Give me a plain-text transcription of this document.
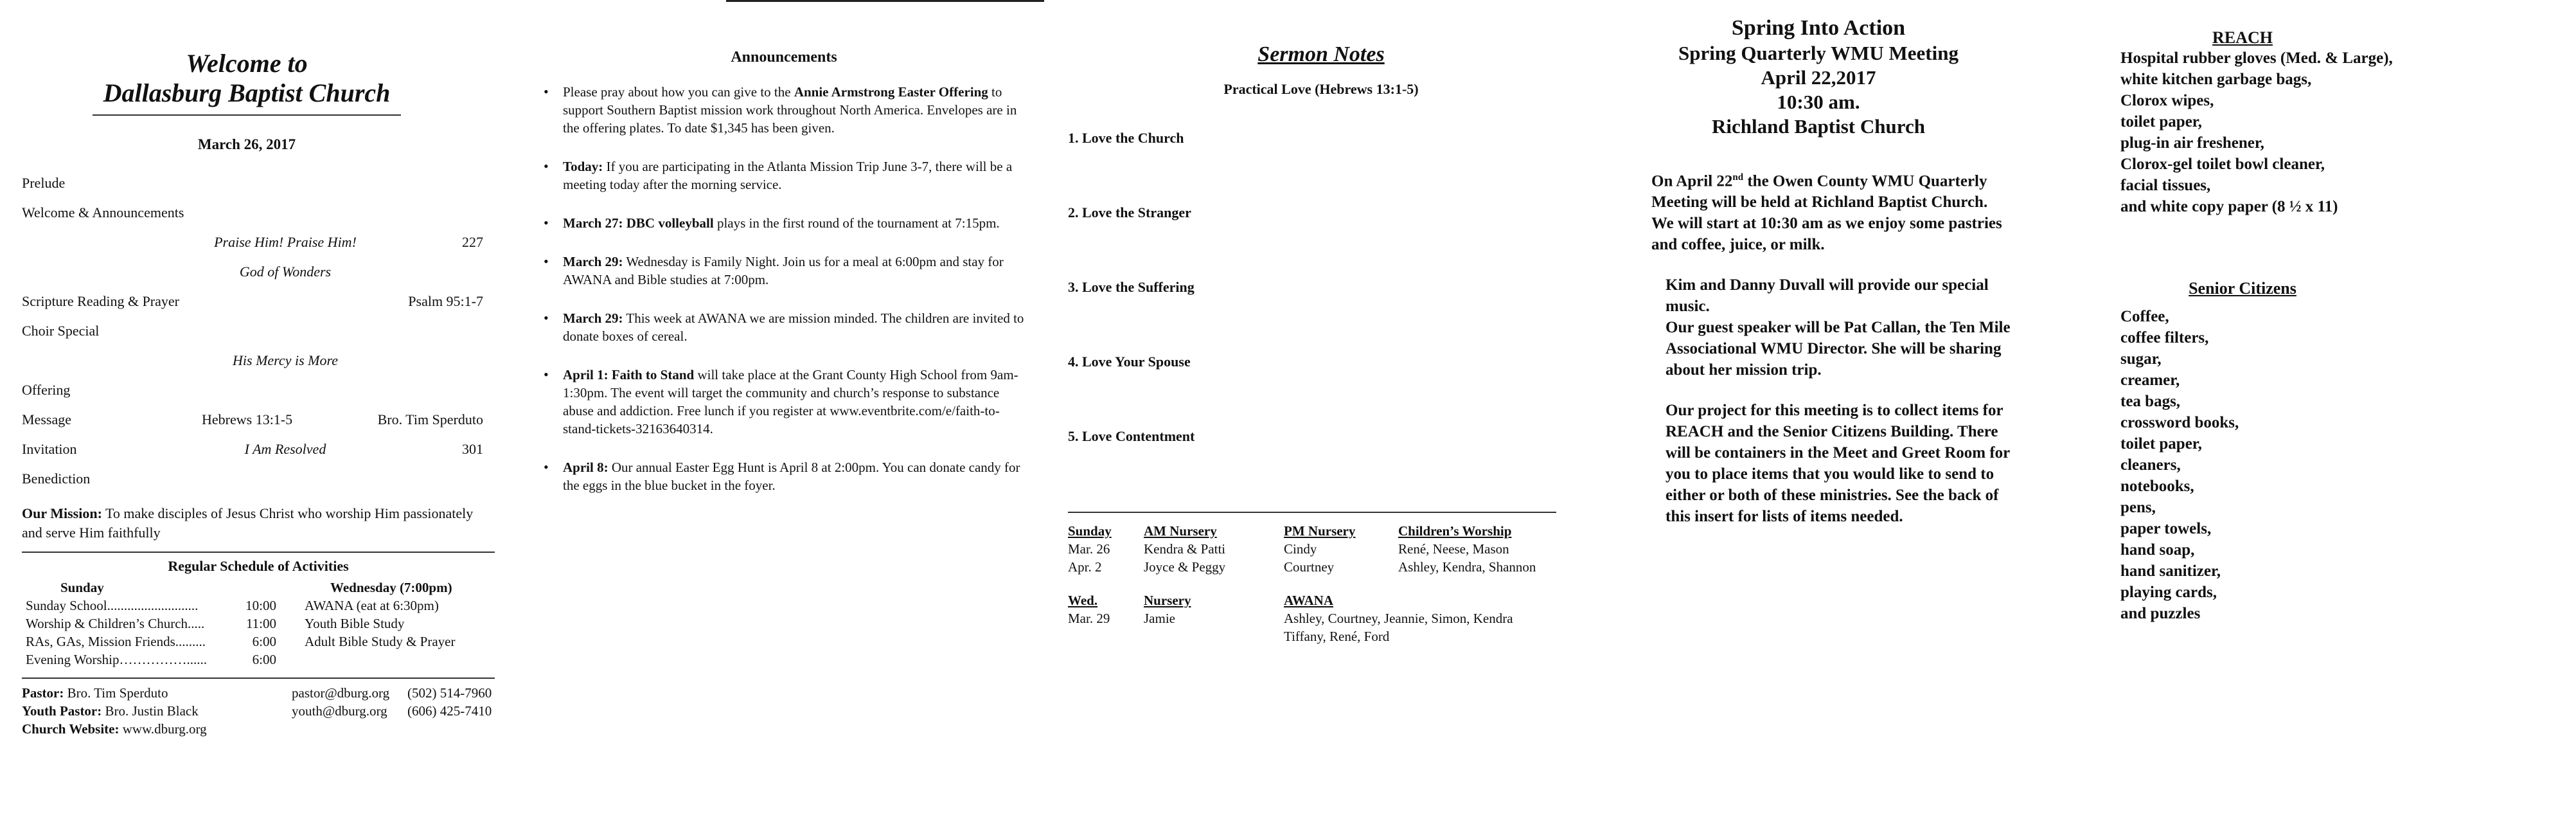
Welcome to
Dallasburg Baptist Church
March 26, 2017
Prelude
Welcome & Announcements
Praise Him! Praise Him!	227
God of Wonders
Scripture Reading & Prayer	Psalm 95:1-7
Choir Special
His Mercy is More
Offering
Message	Hebrews 13:1-5	Bro. Tim Sperduto
Invitation	I Am Resolved	301
Benediction
Our Mission: To make disciples of Jesus Christ who worship Him passionately and serve Him faithfully
Regular Schedule of Activities
Sunday
Sunday School...........................	10:00
Worship & Children’s Church.....	11:00
RAs, GAs, Mission Friends.........	6:00
Evening Worship……………......	6:00
Wednesday (7:00pm)
AWANA (eat at 6:30pm)
Youth Bible Study
Adult Bible Study & Prayer
Pastor: Bro. Tim Sperduto	pastor@dburg.org	(502) 514-7960
Youth Pastor: Bro. Justin Black	youth@dburg.org	(606) 425-7410
Church Website: www.dburg.org
Announcements
• Please pray about how you can give to the Annie Armstrong Easter Offering to support Southern Baptist mission work throughout North America. Envelopes are in the offering plates. To date $1,345 has been given.
• Today: If you are participating in the Atlanta Mission Trip June 3-7, there will be a meeting today after the morning service.
• March 27: DBC volleyball plays in the first round of the tournament at 7:15pm.
• March 29: Wednesday is Family Night. Join us for a meal at 6:00pm and stay for AWANA and Bible studies at 7:00pm.
• March 29: This week at AWANA we are mission minded. The children are invited to donate boxes of cereal.
• April 1: Faith to Stand will take place at the Grant County High School from 9am-1:30pm. The event will target the community and church’s response to substance abuse and addiction. Free lunch if you register at www.eventbrite.com/e/faith-to-stand-tickets-32163640314.
• April 8: Our annual Easter Egg Hunt is April 8 at 2:00pm. You can donate candy for the eggs in the blue bucket in the foyer.
Sermon Notes
Practical Love (Hebrews 13:1-5)
1. Love the Church
2. Love the Stranger
3. Love the Suffering
4. Love Your Spouse
5. Love Contentment
Sunday	AM Nursery	PM Nursery	Children’s Worship
Mar. 26	Kendra & Patti	Cindy	René, Neese, Mason
Apr. 2	Joyce & Peggy	Courtney	Ashley, Kendra, Shannon
Wed.	Nursery	AWANA
Mar. 29	Jamie	Ashley, Courtney, Jeannie, Simon, Kendra
Tiffany, René, Ford
Spring Into Action
Spring Quarterly WMU Meeting
April 22,2017
10:30 am.
Richland Baptist Church

On April 22nd the Owen County WMU Quarterly Meeting will be held at Richland Baptist Church. We will start at 10:30 am as we enjoy some pastries and coffee, juice, or milk.

Kim and Danny Duvall will provide our special music.

Our guest speaker will be Pat Callan, the Ten Mile Associational WMU Director. She will be sharing about her mission trip.

Our project for this meeting is to collect items for REACH and the Senior Citizens Building. There will be containers in the Meet and Greet Room for you to place items that you would like to send to either or both of these ministries. See the back of this insert for lists of items needed.

REACH
Hospital rubber gloves (Med. & Large),
white kitchen garbage bags,
Clorox wipes,
toilet paper,
plug-in air freshener,
Clorox-gel toilet bowl cleaner,
facial tissues,
and white copy paper (8 ½ x 11)
Senior Citizens
Coffee,
coffee filters,
sugar,
creamer,
tea bags,
crossword books,
toilet paper,
cleaners,
notebooks,
pens,
paper towels,
hand soap,
hand sanitizer,
playing cards,
and puzzles
